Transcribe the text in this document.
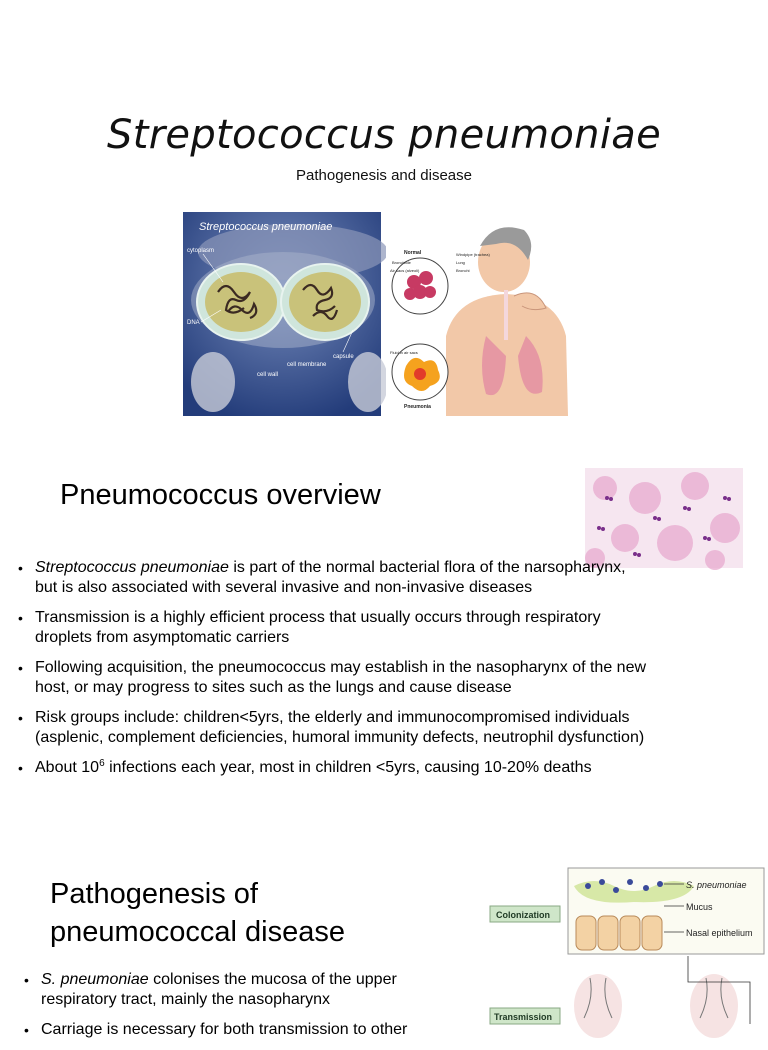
Streptococcus pneumoniae
Pathogenesis and disease
Streptococcus pneumoniae
cytoplasm
DNA
capsule
cell membrane
cell wall
Normal
Bronchiole
Air sacs (alveoli)
Windpipe (trachea)
Lung
Bronchi
Fluid in air sacs
Pneumonia
Pneumococcus overview
• Streptococcus pneumoniae is part of the normal bacterial flora of the narsopharynx, but is also associated with several invasive and non-invasive diseases
• Transmission is a highly efficient process that usually occurs through respiratory droplets from asymptomatic carriers
• Following acquisition, the pneumococcus may establish in the nasopharynx of the new host, or may progress to sites such as the lungs and cause disease
• Risk groups include: children<5yrs, the elderly and immunocompromised individuals (asplenic, complement deficiencies, humoral immunity defects, neutrophil dysfunction)
• About $10^6$ infections each year, most in children <5yrs, causing 10-20% deaths
Pathogenesis of
pneumococcal disease
• S. pneumoniae colonises the mucosa of the upper respiratory tract, mainly the nasopharynx
• Carriage is necessary for both transmission to other
S. pneumoniae
Mucus
Nasal epithelium
Colonization
Transmission
